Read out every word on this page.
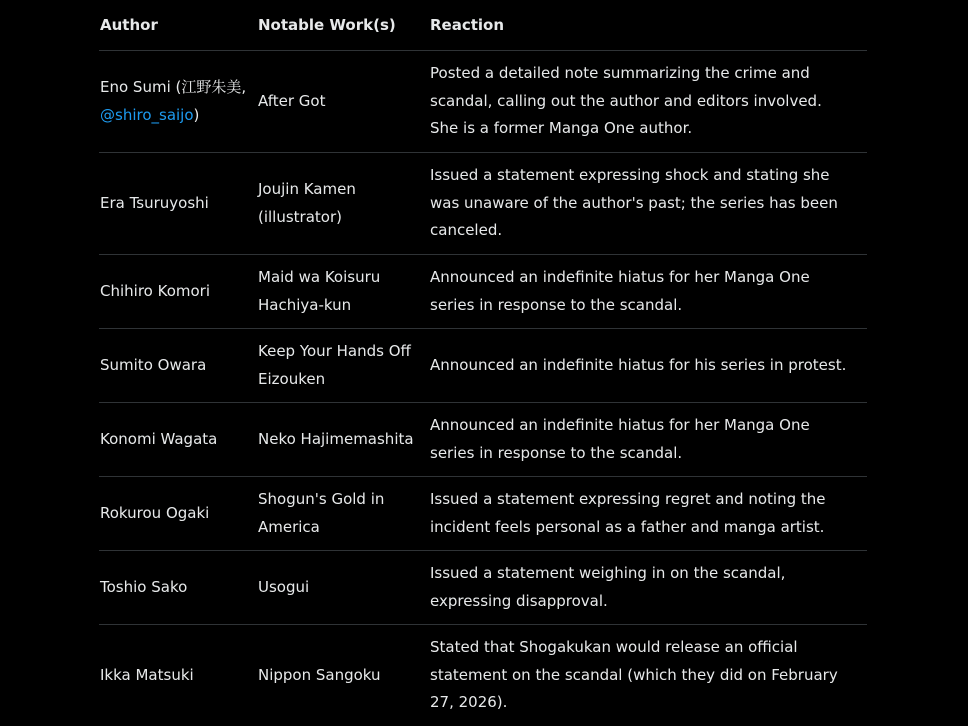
Author	Notable Work(s)	Reaction
Eno Sumi (江野朱美,
@shiro_saijo)	After Got	Posted a detailed note summarizing the crime and scandal, calling out the author and editors involved. She is a former Manga One author.
Era Tsuruyoshi	Joujin Kamen (illustrator)	Issued a statement expressing shock and stating she was unaware of the author's past; the series has been canceled.
Chihiro Komori	Maid wa Koisuru Hachiya-kun	Announced an indefinite hiatus for her Manga One series in response to the scandal.
Sumito Owara	Keep Your Hands Off Eizouken	Announced an indefinite hiatus for his series in protest.
Konomi Wagata	Neko Hajimemashita	Announced an indefinite hiatus for her Manga One series in response to the scandal.
Rokurou Ogaki	Shogun's Gold in America	Issued a statement expressing regret and noting the incident feels personal as a father and manga artist.
Toshio Sako	Usogui	Issued a statement weighing in on the scandal, expressing disapproval.
Ikka Matsuki	Nippon Sangoku	Stated that Shogakukan would release an official statement on the scandal (which they did on February 27, 2026).
